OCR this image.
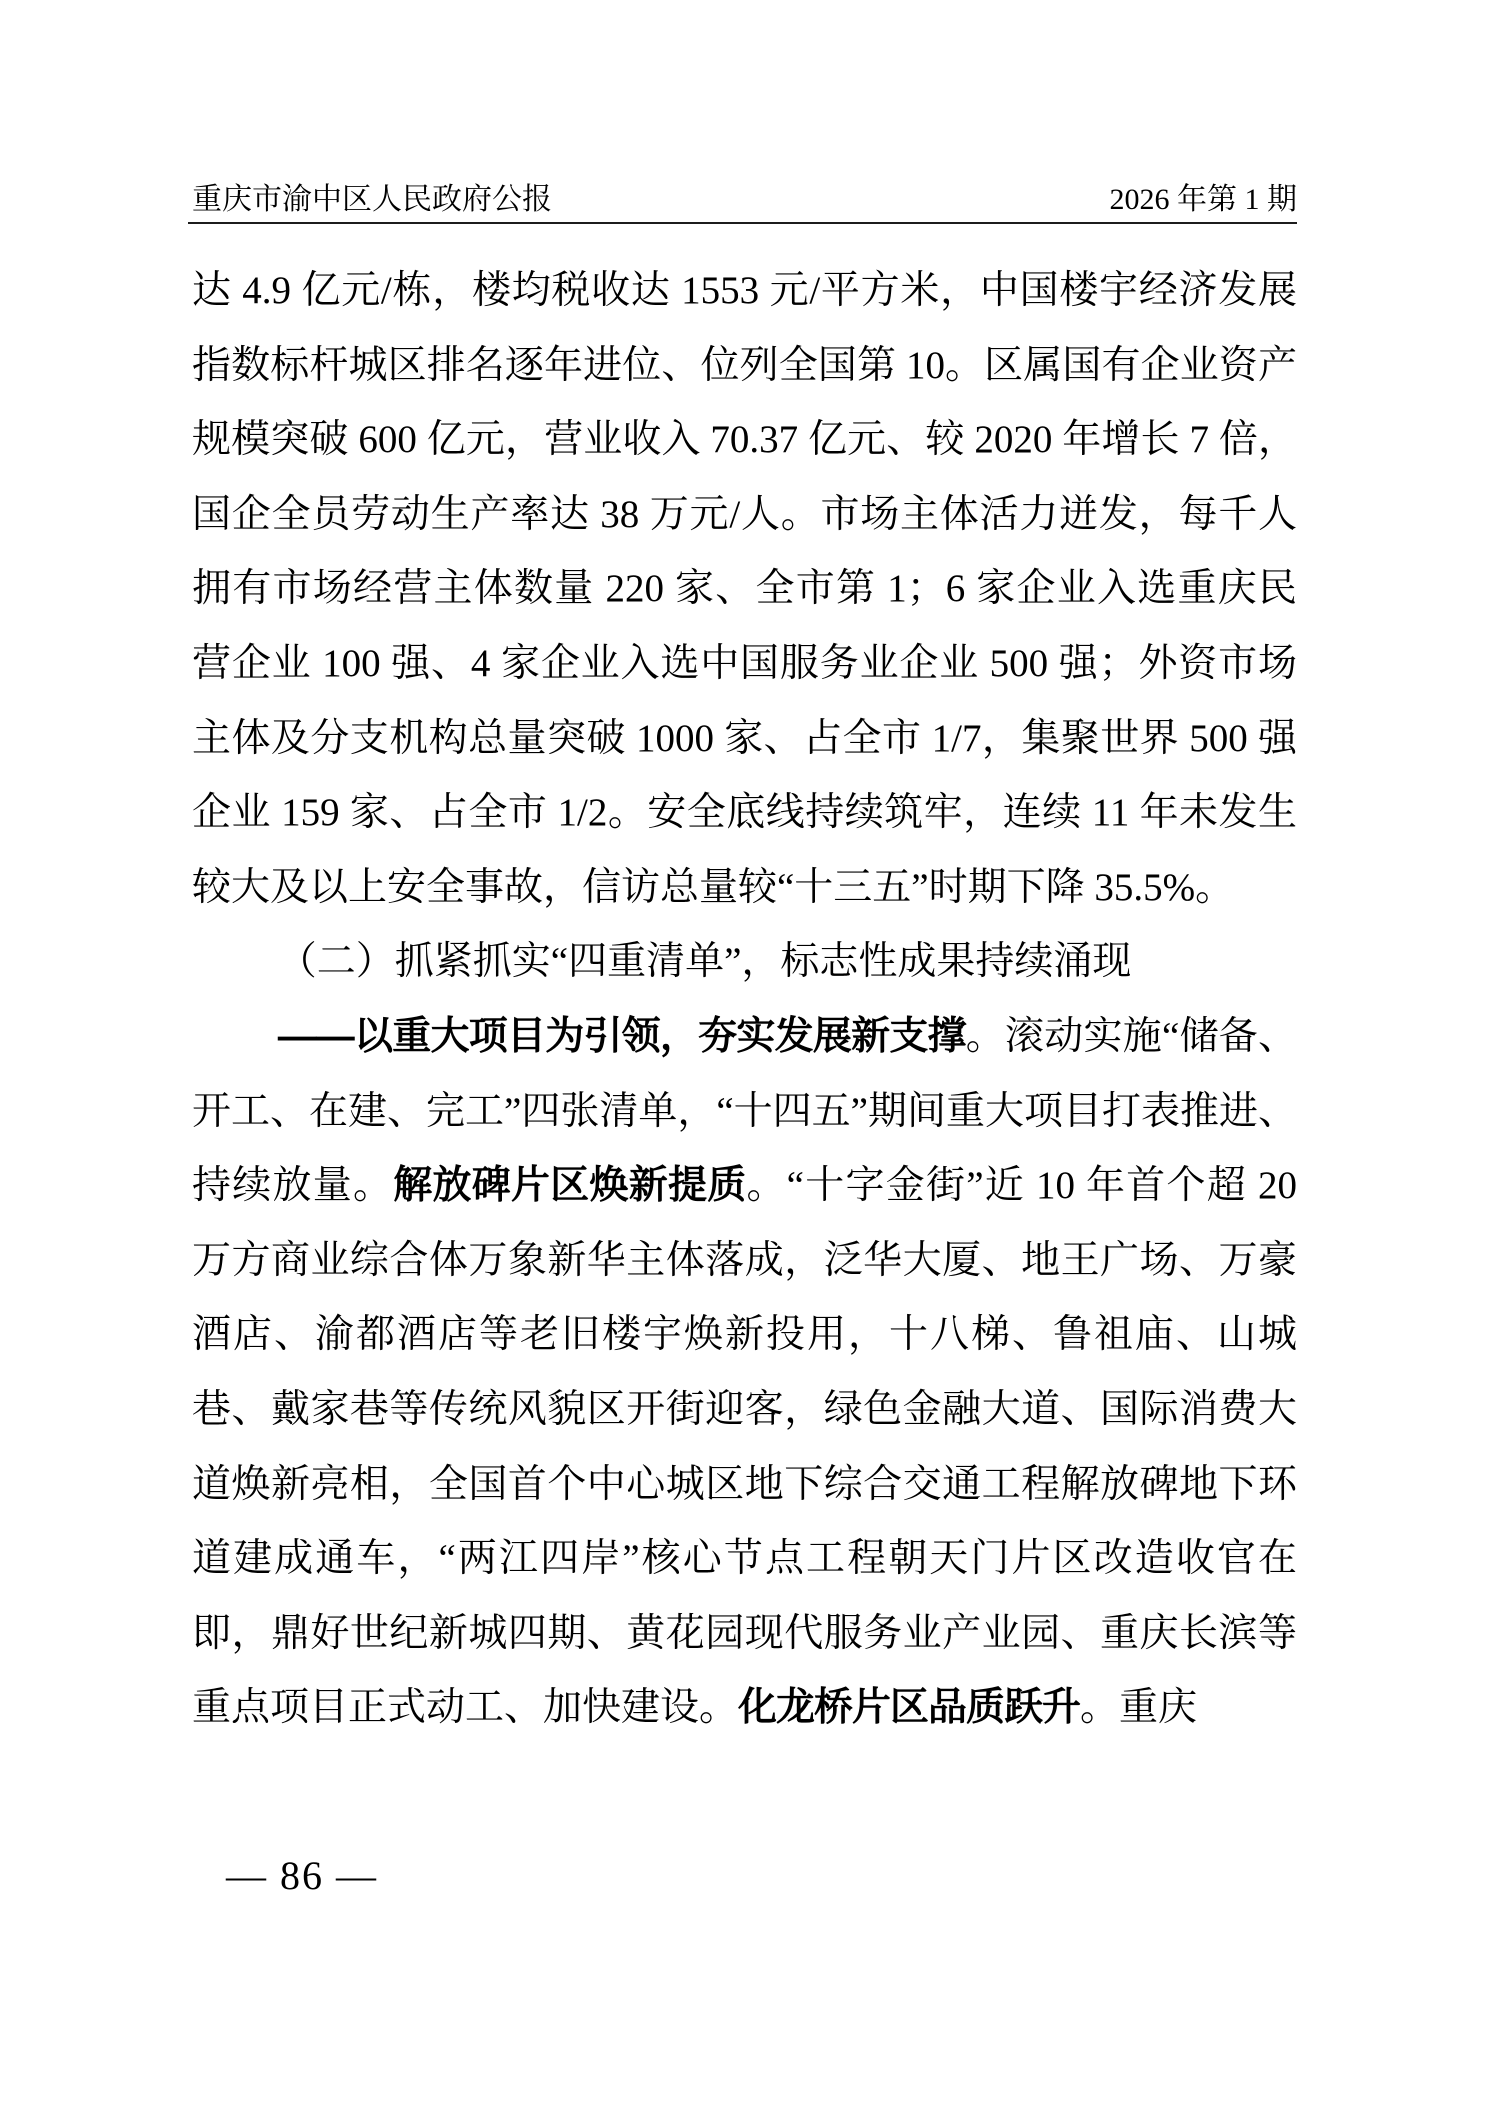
重庆市渝中区人民政府公报	2026 年第 1 期

达 4.9 亿元/栋，楼均税收达 1553 元/平方米，中国楼宇经济发展指数标杆城区排名逐年进位、位列全国第 10。区属国有企业资产规模突破 600 亿元，营业收入 70.37 亿元、较 2020 年增长 7 倍，国企全员劳动生产率达 38 万元/人。市场主体活力迸发，每千人拥有市场经营主体数量 220 家、全市第 1；6 家企业入选重庆民营企业 100 强、4 家企业入选中国服务业企业 500 强；外资市场主体及分支机构总量突破 1000 家、占全市 1/7，集聚世界 500 强企业 159 家、占全市 1/2。安全底线持续筑牢，连续 11 年未发生较大及以上安全事故，信访总量较“十三五”时期下降 35.5%。

（二）抓紧抓实“四重清单”，标志性成果持续涌现

——以重大项目为引领，夯实发展新支撑。滚动实施“储备、开工、在建、完工”四张清单，“十四五”期间重大项目打表推进、持续放量。解放碑片区焕新提质。“十字金街”近 10 年首个超 20 万方商业综合体万象新华主体落成，泛华大厦、地王广场、万豪酒店、渝都酒店等老旧楼宇焕新投用，十八梯、鲁祖庙、山城巷、戴家巷等传统风貌区开街迎客，绿色金融大道、国际消费大道焕新亮相，全国首个中心城区地下综合交通工程解放碑地下环道建成通车，“两江四岸”核心节点工程朝天门片区改造收官在即，鼎好世纪新城四期、黄花园现代服务业产业园、重庆长滨等重点项目正式动工、加快建设。化龙桥片区品质跃升。重庆

— 86 —
